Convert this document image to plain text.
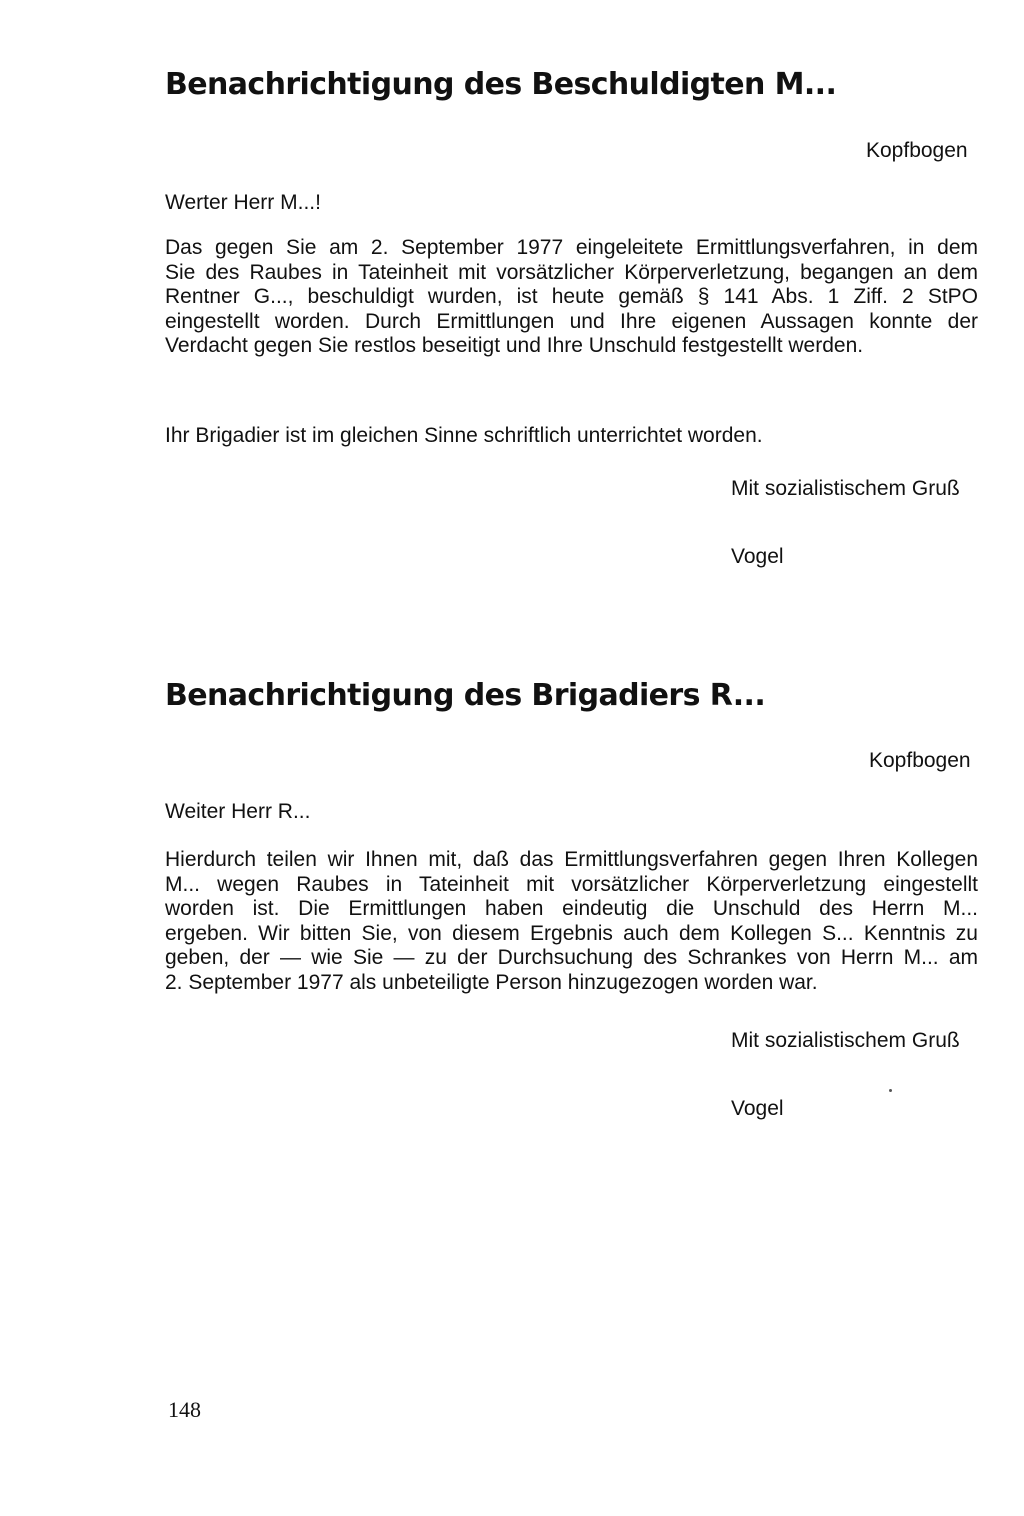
Benachrichtigung des Beschuldigten M...
Kopfbogen
Werter Herr M...!
Das gegen Sie am 2. September 1977 eingeleitete Ermittlungsverfahren, in dem
Sie des Raubes in Tateinheit mit vorsätzlicher Körperverletzung, begangen an dem
Rentner G..., beschuldigt wurden, ist heute gemäß § 141 Abs. 1 Ziff. 2 StPO
eingestellt worden. Durch Ermittlungen und Ihre eigenen Aussagen konnte der
Verdacht gegen Sie restlos beseitigt und Ihre Unschuld festgestellt werden.
Ihr Brigadier ist im gleichen Sinne schriftlich unterrichtet worden.
Mit sozialistischem Gruß
Vogel
Benachrichtigung des Brigadiers R...
Kopfbogen
Weiter Herr R...
Hierdurch teilen wir Ihnen mit, daß das Ermittlungsverfahren gegen Ihren Kollegen
M... wegen Raubes in Tateinheit mit vorsätzlicher Körperverletzung eingestellt
worden ist. Die Ermittlungen haben eindeutig die Unschuld des Herrn M...
ergeben. Wir bitten Sie, von diesem Ergebnis auch dem Kollegen S... Kenntnis zu
geben, der — wie Sie — zu der Durchsuchung des Schrankes von Herrn M... am
2. September 1977 als unbeteiligte Person hinzugezogen worden war.
Mit sozialistischem Gruß
Vogel
148
